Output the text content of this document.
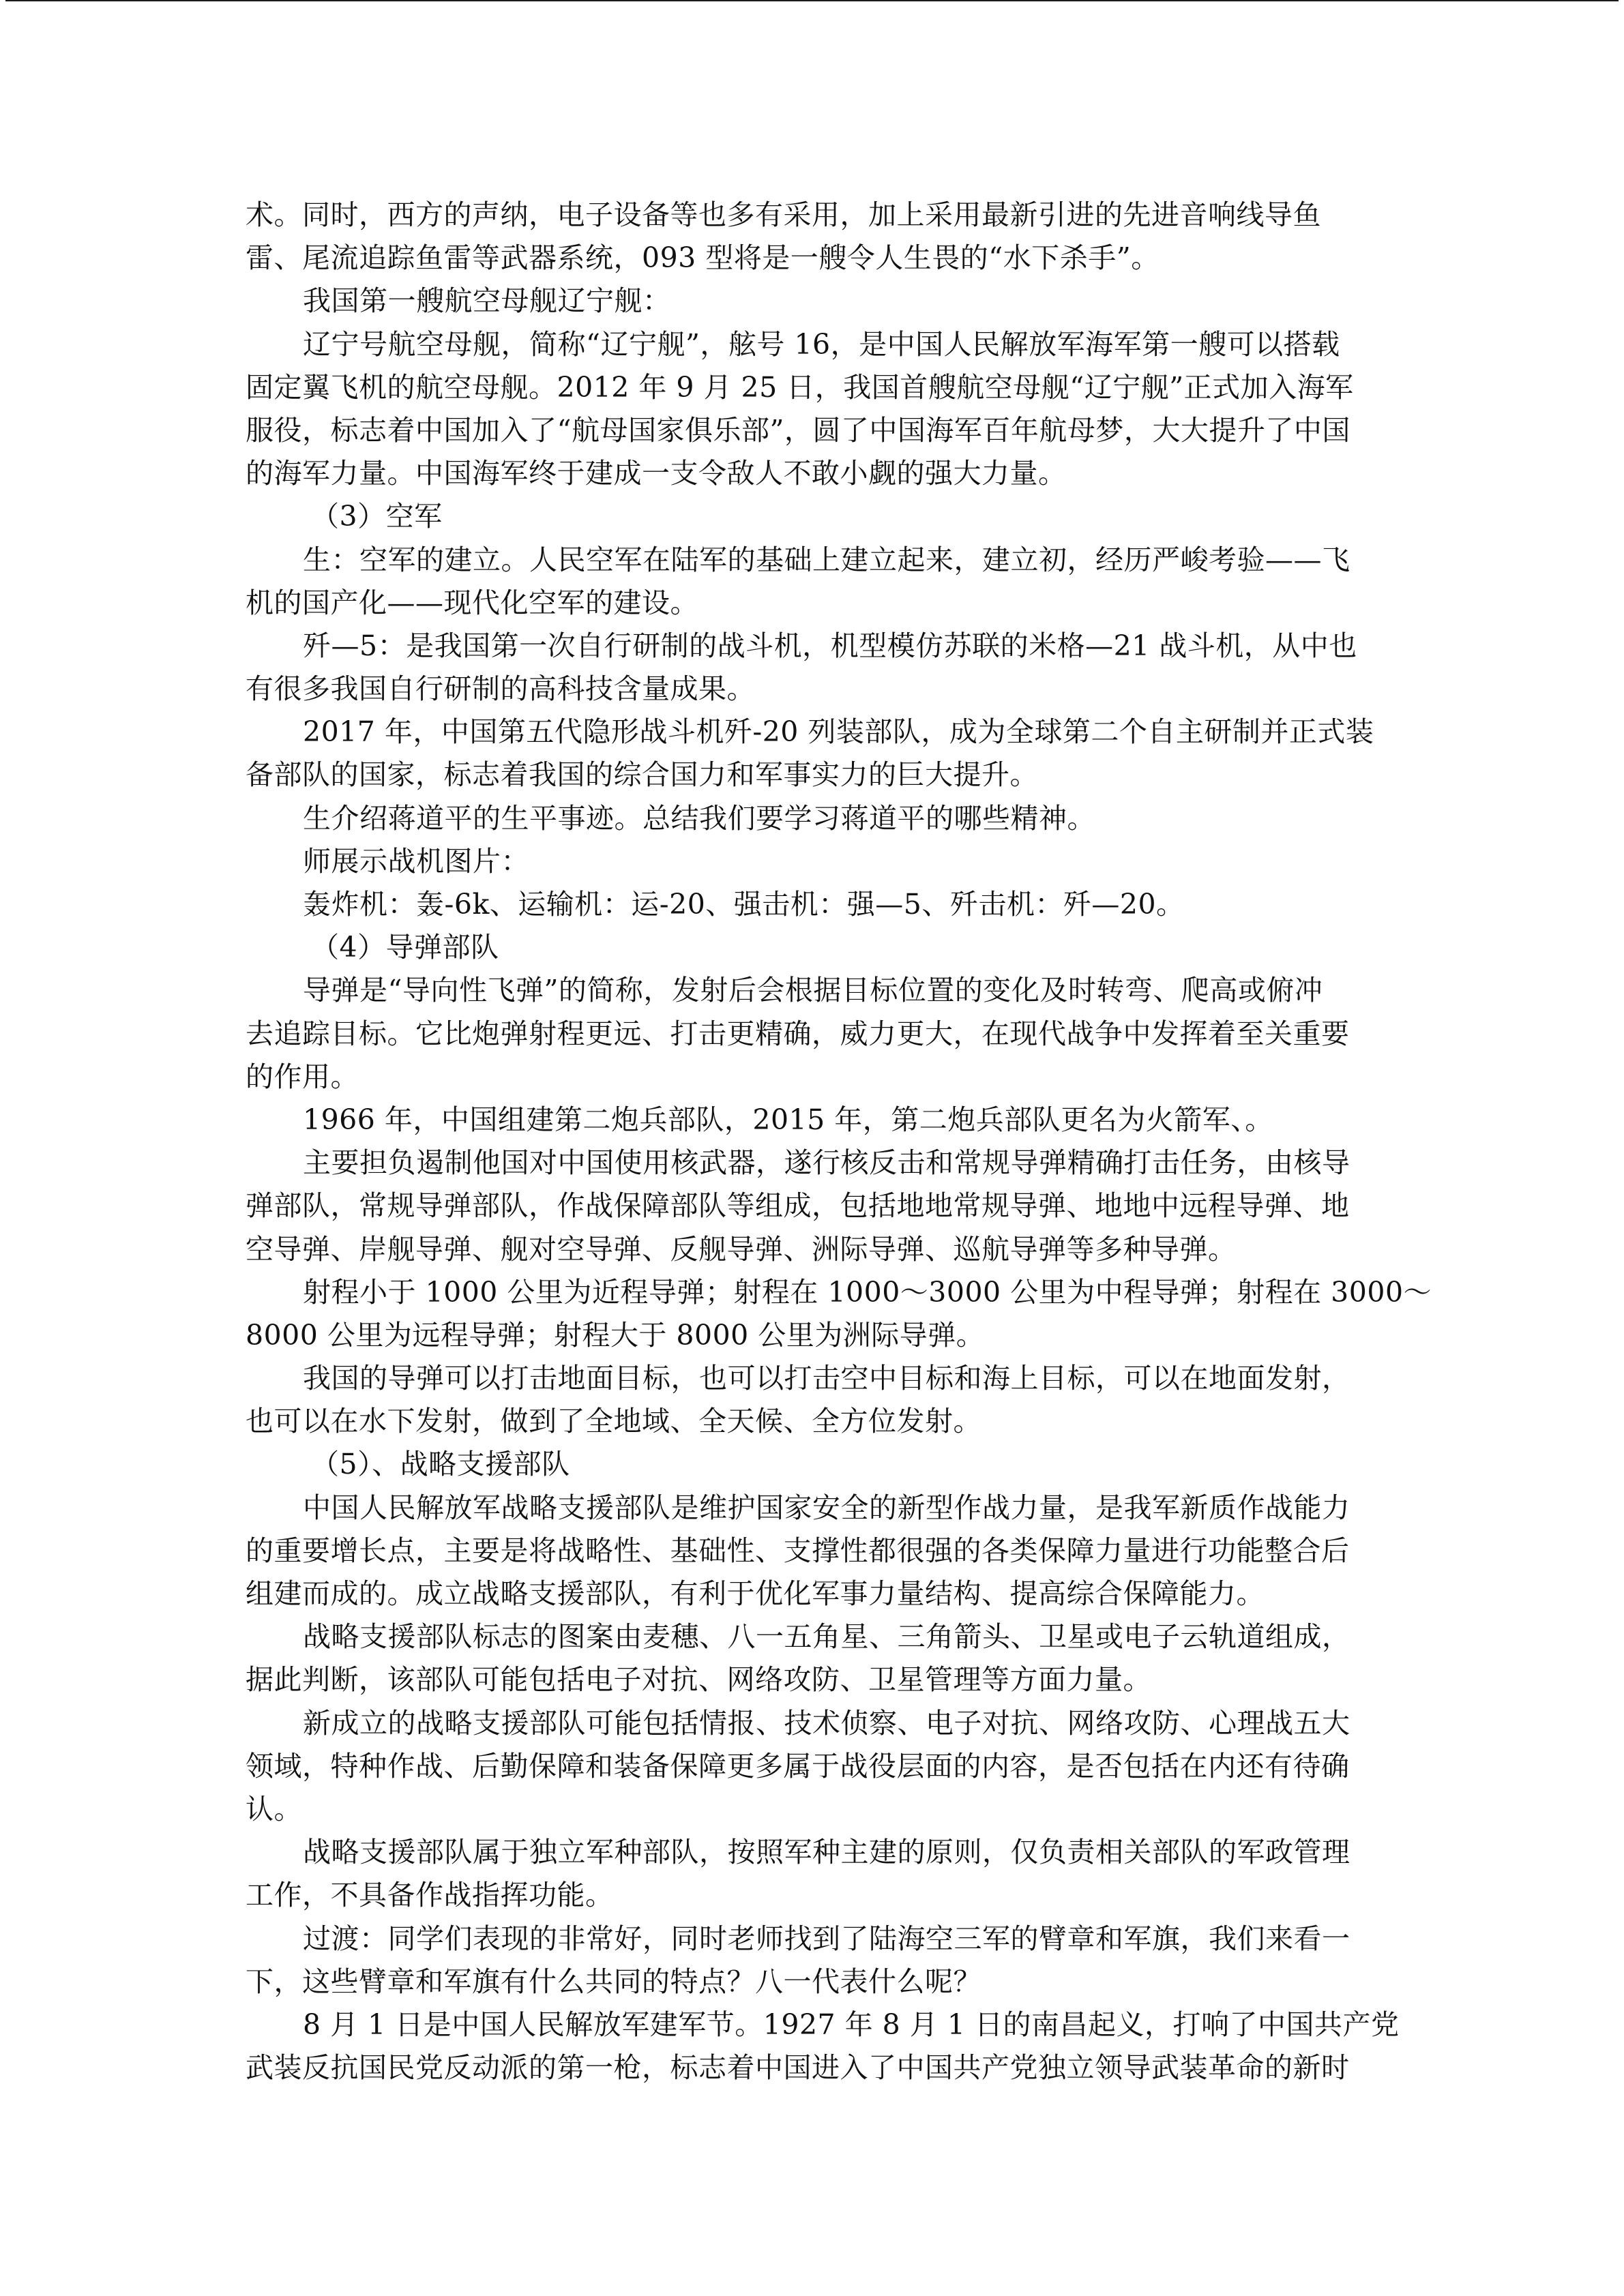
术。同时，西方的声纳，电子设备等也多有采用，加上采用最新引进的先进音响线导鱼
雷、尾流追踪鱼雷等武器系统，093 型将是一艘令人生畏的“水下杀手”。
我国第一艘航空母舰辽宁舰：
辽宁号航空母舰，简称“辽宁舰”，舷号 16，是中国人民解放军海军第一艘可以搭载
固定翼飞机的航空母舰。2012 年 9 月 25 日，我国首艘航空母舰“辽宁舰”正式加入海军
服役，标志着中国加入了“航母国家俱乐部”，圆了中国海军百年航母梦，大大提升了中国
的海军力量。中国海军终于建成一支令敌人不敢小觑的强大力量。
（3）空军
生：空军的建立。人民空军在陆军的基础上建立起来，建立初，经历严峻考验——飞
机的国产化——现代化空军的建设。
歼—5：是我国第一次自行研制的战斗机，机型模仿苏联的米格—21 战斗机，从中也
有很多我国自行研制的高科技含量成果。
2017 年，中国第五代隐形战斗机歼-20 列装部队，成为全球第二个自主研制并正式装
备部队的国家，标志着我国的综合国力和军事实力的巨大提升。
生介绍蒋道平的生平事迹。总结我们要学习蒋道平的哪些精神。
师展示战机图片：
轰炸机：轰-6k、运输机：运-20、强击机：强—5、歼击机：歼—20。
（4）导弹部队
导弹是“导向性飞弹”的简称，发射后会根据目标位置的变化及时转弯、爬高或俯冲
去追踪目标。它比炮弹射程更远、打击更精确，威力更大，在现代战争中发挥着至关重要
的作用。
1966 年，中国组建第二炮兵部队，2015 年，第二炮兵部队更名为火箭军、。
主要担负遏制他国对中国使用核武器，遂行核反击和常规导弹精确打击任务，由核导
弹部队，常规导弹部队，作战保障部队等组成，包括地地常规导弹、地地中远程导弹、地
空导弹、岸舰导弹、舰对空导弹、反舰导弹、洲际导弹、巡航导弹等多种导弹。
射程小于 1000 公里为近程导弹；射程在 1000～3000 公里为中程导弹；射程在 3000～
8000 公里为远程导弹；射程大于 8000 公里为洲际导弹。
我国的导弹可以打击地面目标，也可以打击空中目标和海上目标，可以在地面发射，
也可以在水下发射，做到了全地域、全天候、全方位发射。
（5）、战略支援部队
中国人民解放军战略支援部队是维护国家安全的新型作战力量，是我军新质作战能力
的重要增长点，主要是将战略性、基础性、支撑性都很强的各类保障力量进行功能整合后
组建而成的。成立战略支援部队，有利于优化军事力量结构、提高综合保障能力。
战略支援部队标志的图案由麦穗、八一五角星、三角箭头、卫星或电子云轨道组成，
据此判断，该部队可能包括电子对抗、网络攻防、卫星管理等方面力量。
新成立的战略支援部队可能包括情报、技术侦察、电子对抗、网络攻防、心理战五大
领域，特种作战、后勤保障和装备保障更多属于战役层面的内容，是否包括在内还有待确
认。
战略支援部队属于独立军种部队，按照军种主建的原则，仅负责相关部队的军政管理
工作，不具备作战指挥功能。
过渡：同学们表现的非常好，同时老师找到了陆海空三军的臂章和军旗，我们来看一
下，这些臂章和军旗有什么共同的特点？八一代表什么呢？
8 月 1 日是中国人民解放军建军节。1927 年 8 月 1 日的南昌起义，打响了中国共产党
武装反抗国民党反动派的第一枪，标志着中国进入了中国共产党独立领导武装革命的新时
